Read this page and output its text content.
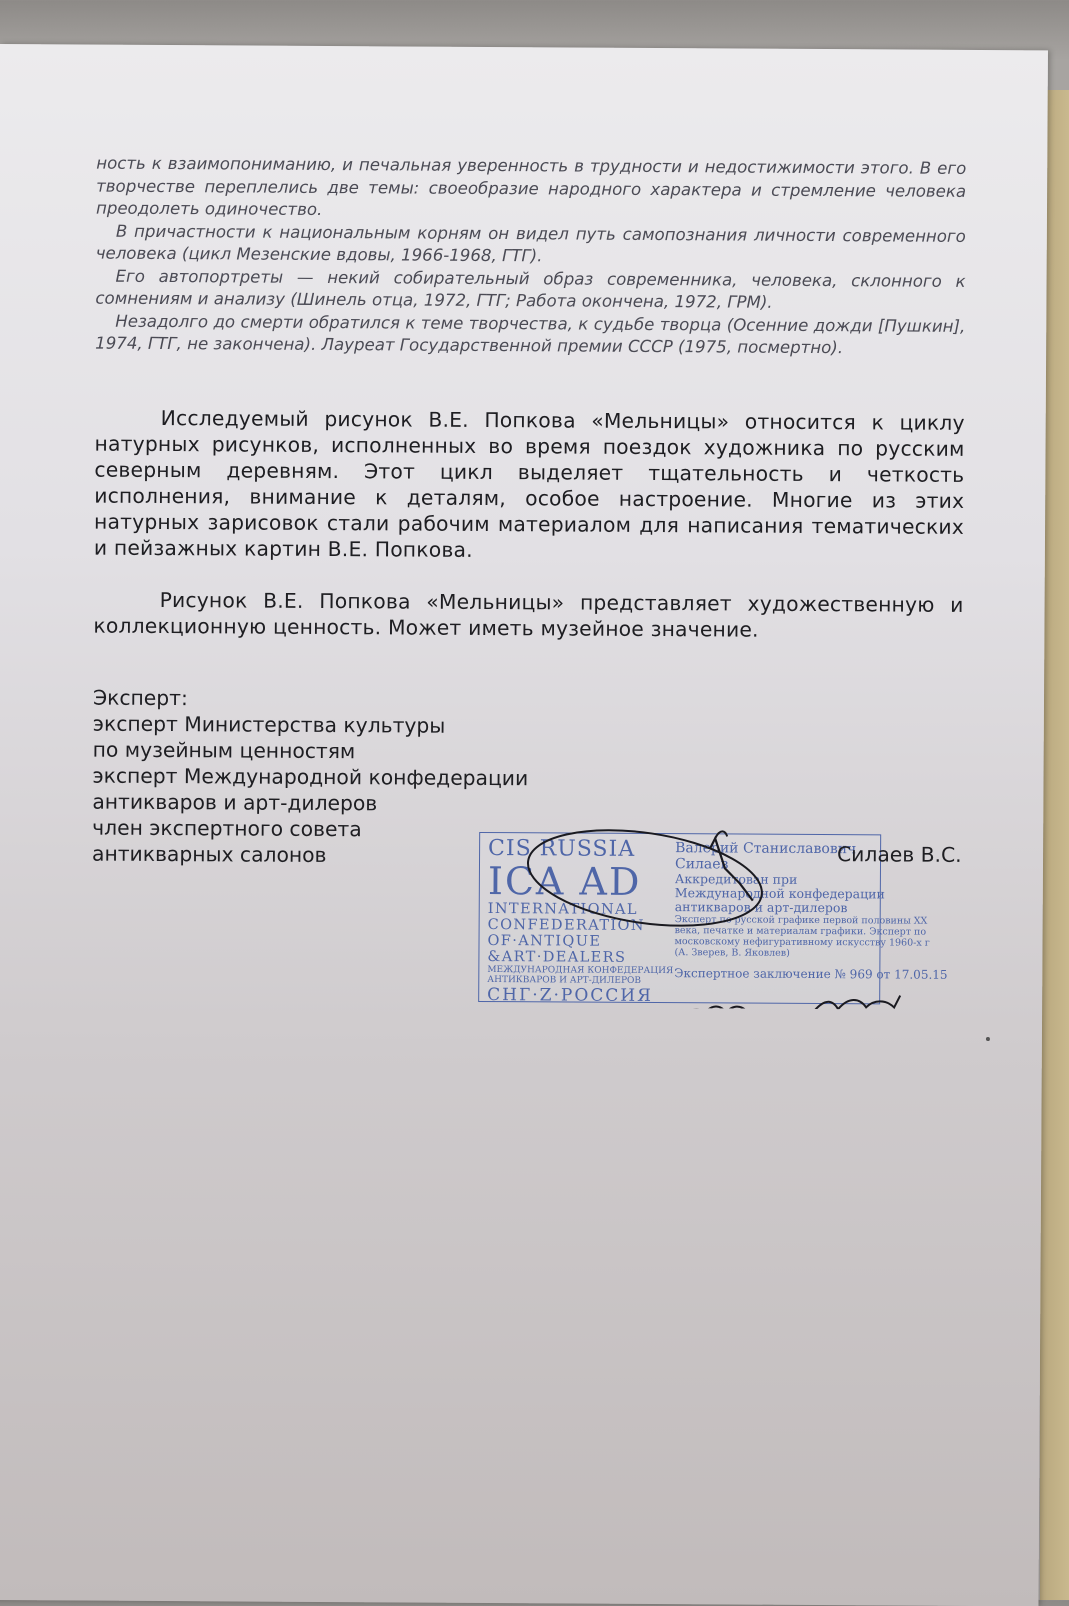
ность к взаимопониманию, и печальная уверенность в трудности и недостижимости этого. В его творчестве переплелись две темы: своеобразие народного характера и стремление человека преодолеть одиночество.

В причастности к национальным корням он видел путь самопознания личности современного человека (цикл Мезенские вдовы, 1966-1968, ГТГ).

Его автопортреты — некий собирательный образ современника, человека, склонного к сомнениям и анализу (Шинель отца, 1972, ГТГ; Работа окончена, 1972, ГРМ).

Незадолго до смерти обратился к теме творчества, к судьбе творца (Осенние дожди [Пушкин], 1974, ГТГ, не закончена). Лауреат Государственной премии СССР (1975, посмертно).

Исследуемый рисунок В.Е. Попкова «Мельницы» относится к циклу натурных рисунков, исполненных во время поездок художника по русским северным деревням. Этот цикл выделяет тщательность и четкость исполнения, внимание к деталям, особое настроение. Многие из этих натурных зарисовок стали рабочим материалом для написания тематических и пейзажных картин В.Е. Попкова.

Рисунок В.Е. Попкова «Мельницы» представляет художественную и коллекционную ценность. Может иметь музейное значение.

Эксперт:
эксперт Министерства культуры
по музейным ценностям
эксперт Международной конфедерации
антикваров и арт-дилеров
член экспертного совета
антикварных салонов	CIS RUSSIA
ICA AD
INTERNATIONAL
CONFEDERATION
OF·ANTIQUE
&ART·DEALERS
МЕЖДУНАРОДНАЯ КОНФЕДЕРАЦИЯ
АНТИКВАРОВ И АРТ-ДИЛЕРОВ
СНГ·Z·РОССИЯ
Валерий Станиславович
Силаев
Аккредитован при
Международной конфедерации
антикваров и арт-дилеров
Эксперт по русской графике первой половины XX
века, печатке и материалам графики. Эксперт по
московскому нефигуративному искусству 1960-х г
(А. Зверев, В. Яковлев)
Экспертное заключение № 969 от 17.05.15
Силаев В.С.
